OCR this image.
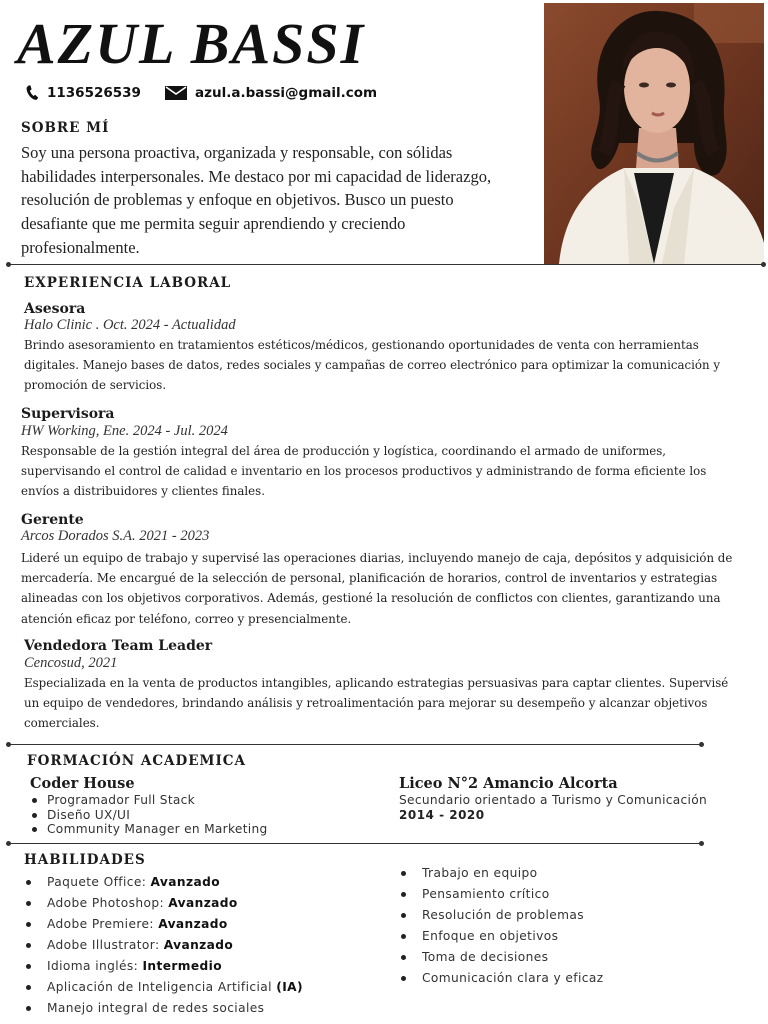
AZUL BASSI
1136526539	azul.a.bassi@gmail.com
SOBRE MÍ
Soy una persona proactiva, organizada y responsable, con sólidas habilidades interpersonales. Me destaco por mi capacidad de liderazgo, resolución de problemas y enfoque en objetivos. Busco un puesto desafiante que me permita seguir aprendiendo y creciendo profesionalmente.
EXPERIENCIA LABORAL
Asesora
Halo Clinic . Oct. 2024 - Actualidad
Brindo asesoramiento en tratamientos estéticos/médicos, gestionando oportunidades de venta con herramientas digitales. Manejo bases de datos, redes sociales y campañas de correo electrónico para optimizar la comunicación y promoción de servicios.
Supervisora
HW Working, Ene. 2024 - Jul. 2024
Responsable de la gestión integral del área de producción y logística, coordinando el armado de uniformes, supervisando el control de calidad e inventario en los procesos productivos y administrando de forma eficiente los envíos a distribuidores y clientes finales.
Gerente
Arcos Dorados S.A. 2021 - 2023
Lideré un equipo de trabajo y supervisé las operaciones diarias, incluyendo manejo de caja, depósitos y adquisición de mercadería. Me encargué de la selección de personal, planificación de horarios, control de inventarios y estrategias alineadas con los objetivos corporativos. Además, gestioné la resolución de conflictos con clientes, garantizando una atención eficaz por teléfono, correo y presencialmente.
Vendedora Team Leader
Cencosud, 2021
Especializada en la venta de productos intangibles, aplicando estrategias persuasivas para captar clientes. Supervisé un equipo de vendedores, brindando análisis y retroalimentación para mejorar su desempeño y alcanzar objetivos comerciales.
FORMACIÓN ACADEMICA
Coder House
Programador Full Stack
Diseño UX/UI
Community Manager en Marketing
Liceo N°2 Amancio Alcorta
Secundario orientado a Turismo y Comunicación
2014 - 2020
HABILIDADES
Paquete Office: Avanzado
Adobe Photoshop: Avanzado
Adobe Premiere: Avanzado
Adobe Illustrator: Avanzado
Idioma inglés: Intermedio
Aplicación de Inteligencia Artificial (IA)
Manejo integral de redes sociales
Trabajo en equipo
Pensamiento crítico
Resolución de problemas
Enfoque en objetivos
Toma de decisiones
Comunicación clara y eficaz
